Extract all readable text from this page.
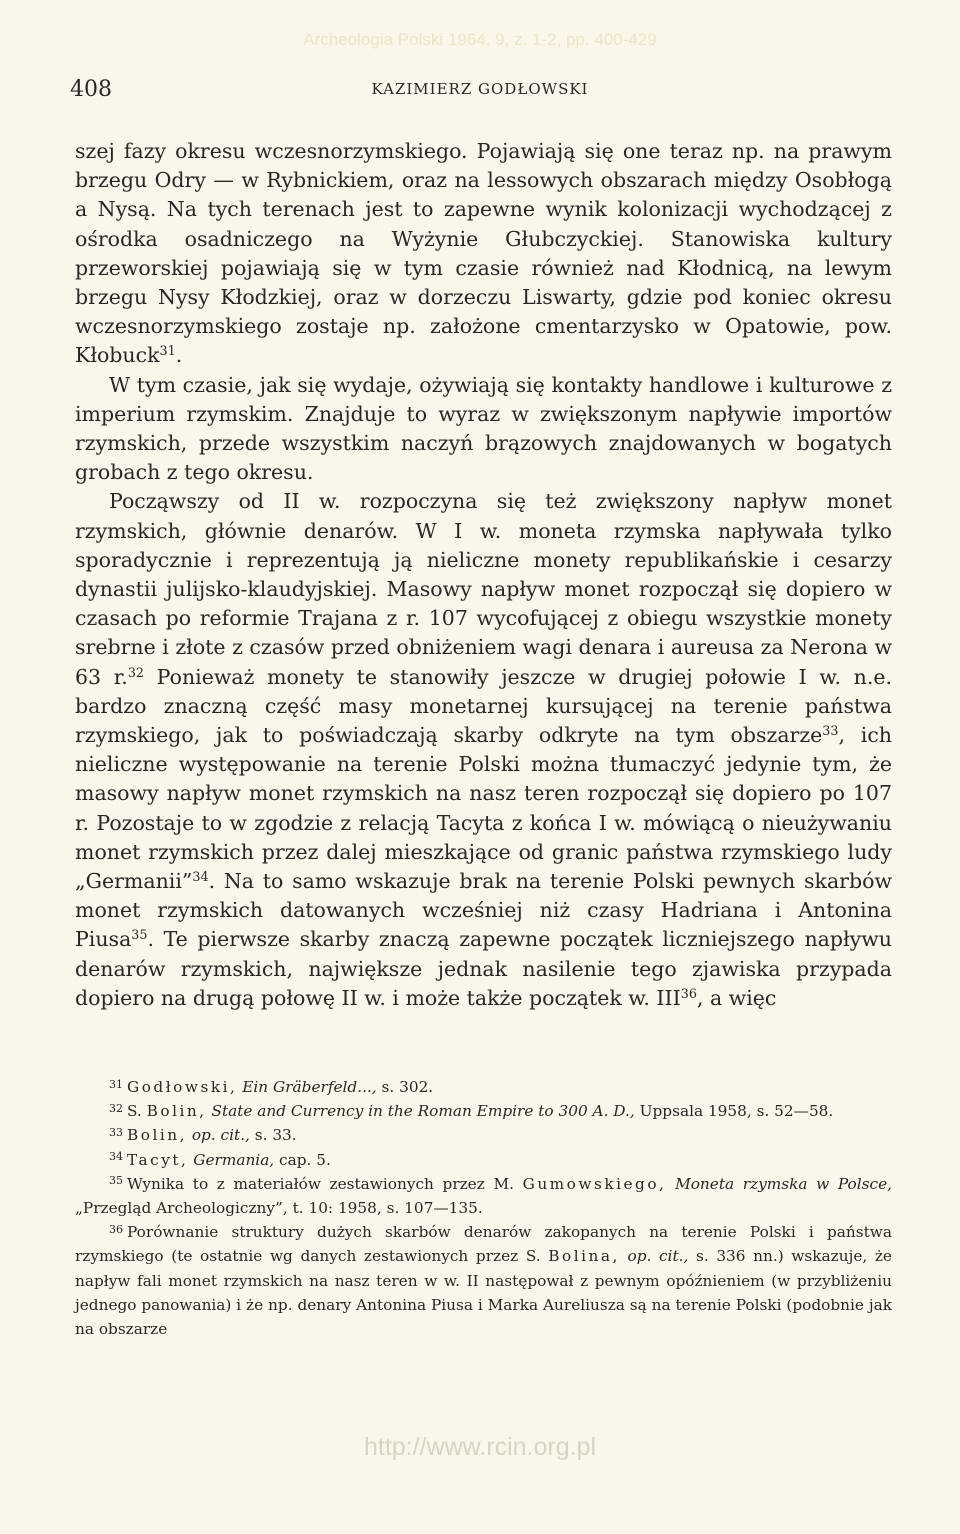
Archeologia Polski 1964, 9, z. 1-2, pp. 400-429
408	KAZIMIERZ GODŁOWSKI

szej fazy okresu wczesnorzymskiego. Pojawiają się one teraz np. na prawym brzegu Odry — w Rybnickiem, oraz na lessowych obszarach między Osobłogą a Nysą. Na tych terenach jest to zapewne wynik kolonizacji wychodzącej z ośrodka osadniczego na Wyżynie Głubczyckiej. Stanowiska kultury przeworskiej pojawiają się w tym czasie również nad Kłodnicą, na lewym brzegu Nysy Kłodzkiej, oraz w dorzeczu Liswarty, gdzie pod koniec okresu wczesnorzymskiego zostaje np. założone cmentarzysko w Opatowie, pow. Kłobuck$^{31}$.

W tym czasie, jak się wydaje, ożywiają się kontakty handlowe i kulturowe z imperium rzymskim. Znajduje to wyraz w zwiększonym napływie importów rzymskich, przede wszystkim naczyń brązowych znajdowanych w bogatych grobach z tego okresu.

Począwszy od II w. rozpoczyna się też zwiększony napływ monet rzymskich, głównie denarów. W I w. moneta rzymska napływała tylko sporadycznie i reprezentują ją nieliczne monety republikańskie i cesarzy dynastii julijsko-klaudyjskiej. Masowy napływ monet rozpoczął się dopiero w czasach po reformie Trajana z r. 107 wycofującej z obiegu wszystkie monety srebrne i złote z czasów przed obniżeniem wagi denara i aureusa za Nerona w 63 r.$^{32}$ Ponieważ monety te stanowiły jeszcze w drugiej połowie I w. n.e. bardzo znaczną część masy monetarnej kursującej na terenie państwa rzymskiego, jak to poświadczają skarby odkryte na tym obszarze$^{33}$, ich nieliczne występowanie na terenie Polski można tłumaczyć jedynie tym, że masowy napływ monet rzymskich na nasz teren rozpoczął się dopiero po 107 r. Pozostaje to w zgodzie z relacją Tacyta z końca I w. mówiącą o nieużywaniu monet rzymskich przez dalej mieszkające od granic państwa rzymskiego ludy „Germanii”$^{34}$. Na to samo wskazuje brak na terenie Polski pewnych skarbów monet rzymskich datowanych wcześniej niż czasy Hadriana i Antonina Piusa$^{35}$. Te pierwsze skarby znaczą zapewne początek liczniejszego napływu denarów rzymskich, największe jednak nasilenie tego zjawiska przypada dopiero na drugą połowę II w. i może także początek w. III$^{36}$, a więc

$^{31}$ Godłowski, Ein Gräberfeld..., s. 302.

$^{32}$ S. Bolin, State and Currency in the Roman Empire to 300 A. D., Uppsala 1958, s. 52—58.

$^{33}$ Bolin, op. cit., s. 33.

$^{34}$ Tacyt, Germania, cap. 5.

$^{35}$ Wynika to z materiałów zestawionych przez M. Gumowskiego, Moneta rzymska w Polsce, „Przegląd Archeologiczny”, t. 10: 1958, s. 107—135.

$^{36}$ Porównanie struktury dużych skarbów denarów zakopanych na terenie Polski i państwa rzymskiego (te ostatnie wg danych zestawionych przez S. Bolina, op. cit., s. 336 nn.) wskazuje, że napływ fali monet rzymskich na nasz teren w w. II następował z pewnym opóźnieniem (w przybliżeniu jednego panowania) i że np. denary Antonina Piusa i Marka Aureliusza są na terenie Polski (podobnie jak na obszarze

http://www.rcin.org.pl
